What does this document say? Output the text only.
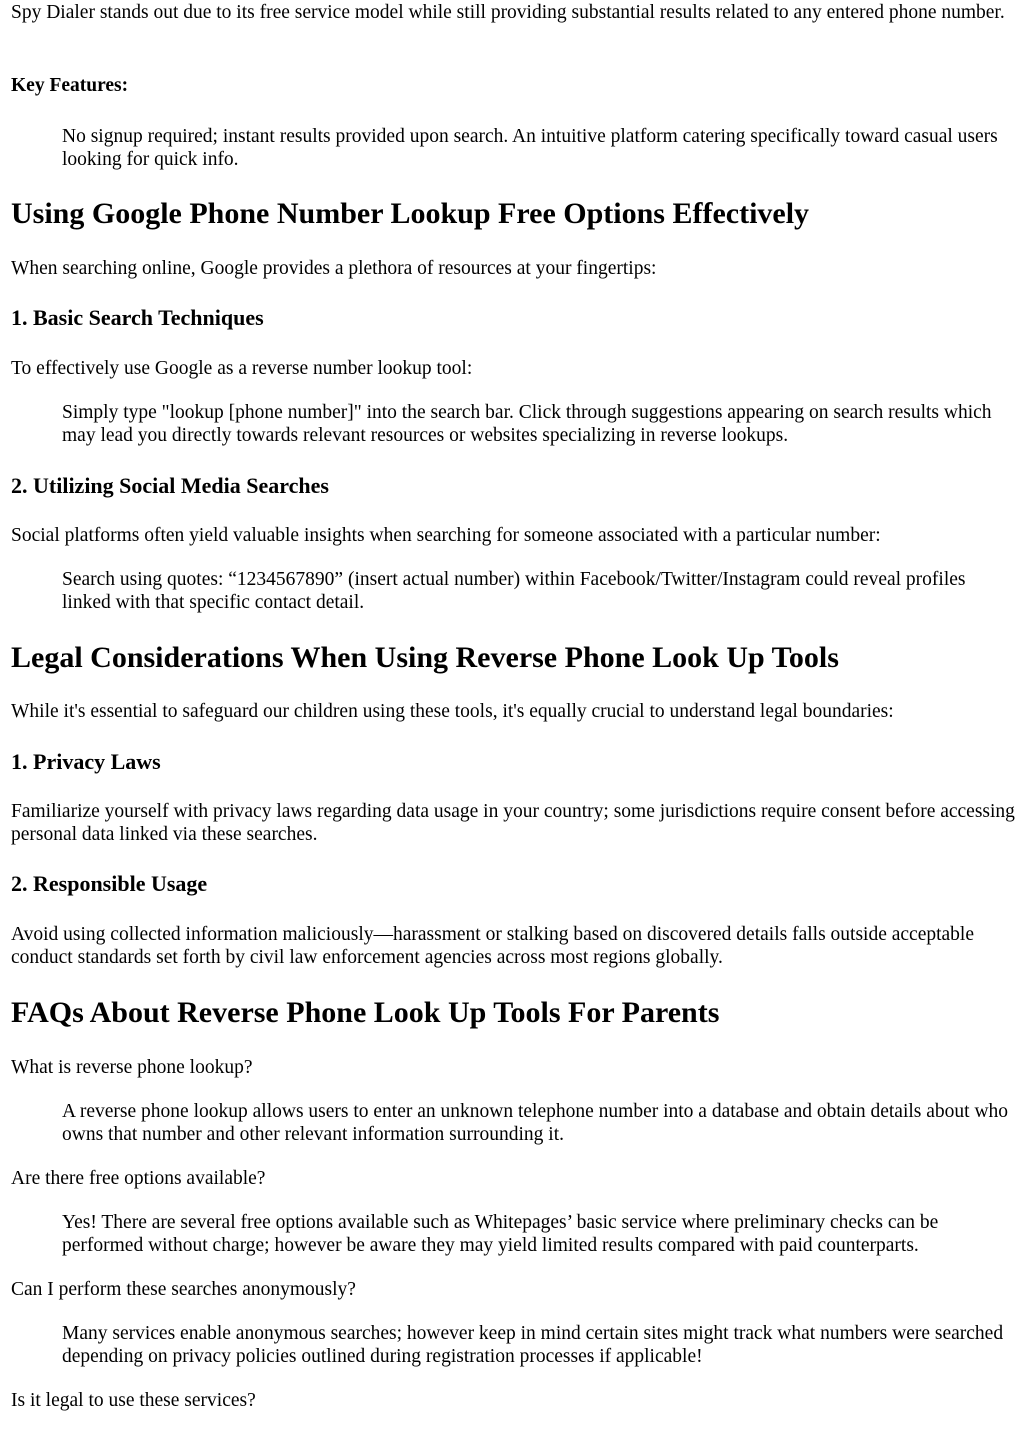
Spy Dialer stands out due to its free service model while still providing substantial results related to any entered phone number.

Key Features:

No signup required; instant results provided upon search. An intuitive platform catering specifically toward casual users looking for quick info.

Using Google Phone Number Lookup Free Options Effectively

When searching online, Google provides a plethora of resources at your fingertips:

1. Basic Search Techniques

To effectively use Google as a reverse number lookup tool:

Simply type "lookup [phone number]" into the search bar. Click through suggestions appearing on search results which may lead you directly towards relevant resources or websites specializing in reverse lookups.

2. Utilizing Social Media Searches

Social platforms often yield valuable insights when searching for someone associated with a particular number:

Search using quotes: “1234567890” (insert actual number) within Facebook/Twitter/Instagram could reveal profiles linked with that specific contact detail.

Legal Considerations When Using Reverse Phone Look Up Tools

While it's essential to safeguard our children using these tools, it's equally crucial to understand legal boundaries:

1. Privacy Laws

Familiarize yourself with privacy laws regarding data usage in your country; some jurisdictions require consent before accessing personal data linked via these searches.

2. Responsible Usage

Avoid using collected information maliciously—harassment or stalking based on discovered details falls outside acceptable conduct standards set forth by civil law enforcement agencies across most regions globally.

FAQs About Reverse Phone Look Up Tools For Parents

What is reverse phone lookup?

A reverse phone lookup allows users to enter an unknown telephone number into a database and obtain details about who owns that number and other relevant information surrounding it.

Are there free options available?

Yes! There are several free options available such as Whitepages’ basic service where preliminary checks can be performed without charge; however be aware they may yield limited results compared with paid counterparts.

Can I perform these searches anonymously?

Many services enable anonymous searches; however keep in mind certain sites might track what numbers were searched depending on privacy policies outlined during registration processes if applicable!

Is it legal to use these services?
